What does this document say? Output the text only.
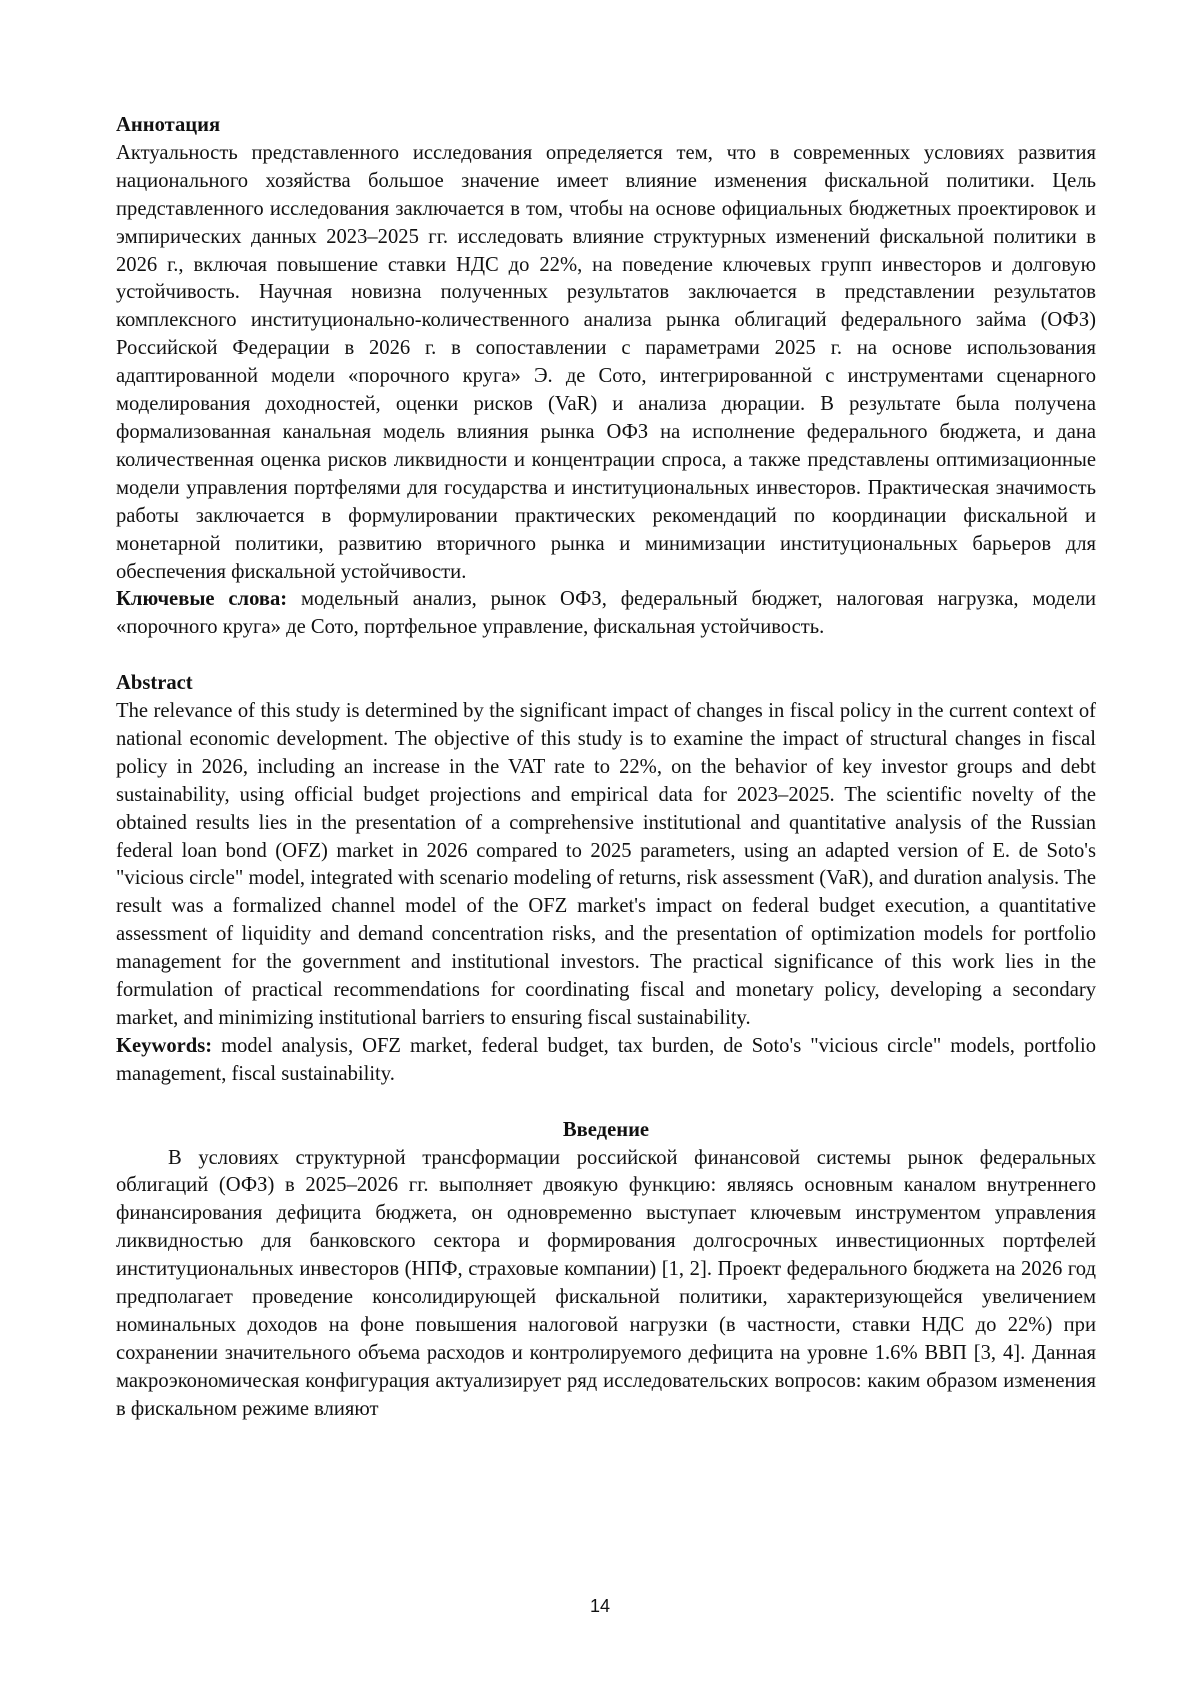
Аннотация

Актуальность представленного исследования определяется тем, что в современных условиях развития национального хозяйства большое значение имеет влияние изменения фискальной политики. Цель представленного исследования заключается в том, чтобы на основе официальных бюджетных проектировок и эмпирических данных 2023–2025 гг. исследовать влияние структурных изменений фискальной политики в 2026 г., включая повышение ставки НДС до 22%, на поведение ключевых групп инвесторов и долговую устойчивость. Научная новизна полученных результатов заключается в представлении результатов комплексного институционально-количественного анализа рынка облигаций федерального займа (ОФЗ) Российской Федерации в 2026 г. в сопоставлении с параметрами 2025 г. на основе использования адаптированной модели «порочного круга» Э. де Сото, интегрированной с инструментами сценарного моделирования доходностей, оценки рисков (VaR) и анализа дюрации. В результате была получена формализованная канальная модель влияния рынка ОФЗ на исполнение федерального бюджета, и дана количественная оценка рисков ликвидности и концентрации спроса, а также представлены оптимизационные модели управления портфелями для государства и институциональных инвесторов. Практическая значимость работы заключается в формулировании практических рекомендаций по координации фискальной и монетарной политики, развитию вторичного рынка и минимизации институциональных барьеров для обеспечения фискальной устойчивости.

Ключевые слова: модельный анализ, рынок ОФЗ, федеральный бюджет, налоговая нагрузка, модели «порочного круга» де Сото, портфельное управление, фискальная устойчивость.

Abstract

The relevance of this study is determined by the significant impact of changes in fiscal policy in the current context of national economic development. The objective of this study is to examine the impact of structural changes in fiscal policy in 2026, including an increase in the VAT rate to 22%, on the behavior of key investor groups and debt sustainability, using official budget projections and empirical data for 2023–2025. The scientific novelty of the obtained results lies in the presentation of a comprehensive institutional and quantitative analysis of the Russian federal loan bond (OFZ) market in 2026 compared to 2025 parameters, using an adapted version of E. de Soto's "vicious circle" model, integrated with scenario modeling of returns, risk assessment (VaR), and duration analysis. The result was a formalized channel model of the OFZ market's impact on federal budget execution, a quantitative assessment of liquidity and demand concentration risks, and the presentation of optimization models for portfolio management for the government and institutional investors. The practical significance of this work lies in the formulation of practical recommendations for coordinating fiscal and monetary policy, developing a secondary market, and minimizing institutional barriers to ensuring fiscal sustainability.

Keywords: model analysis, OFZ market, federal budget, tax burden, de Soto's "vicious circle" models, portfolio management, fiscal sustainability.

Введение

В условиях структурной трансформации российской финансовой системы рынок федеральных облигаций (ОФЗ) в 2025–2026 гг. выполняет двоякую функцию: являясь основным каналом внутреннего финансирования дефицита бюджета, он одновременно выступает ключевым инструментом управления ликвидностью для банковского сектора и формирования долгосрочных инвестиционных портфелей институциональных инвесторов (НПФ, страховые компании) [1, 2]. Проект федерального бюджета на 2026 год предполагает проведение консолидирующей фискальной политики, характеризующейся увеличением номинальных доходов на фоне повышения налоговой нагрузки (в частности, ставки НДС до 22%) при сохранении значительного объема расходов и контролируемого дефицита на уровне 1.6% ВВП [3, 4]. Данная макроэкономическая конфигурация актуализирует ряд исследовательских вопросов: каким образом изменения в фискальном режиме влияют

14
